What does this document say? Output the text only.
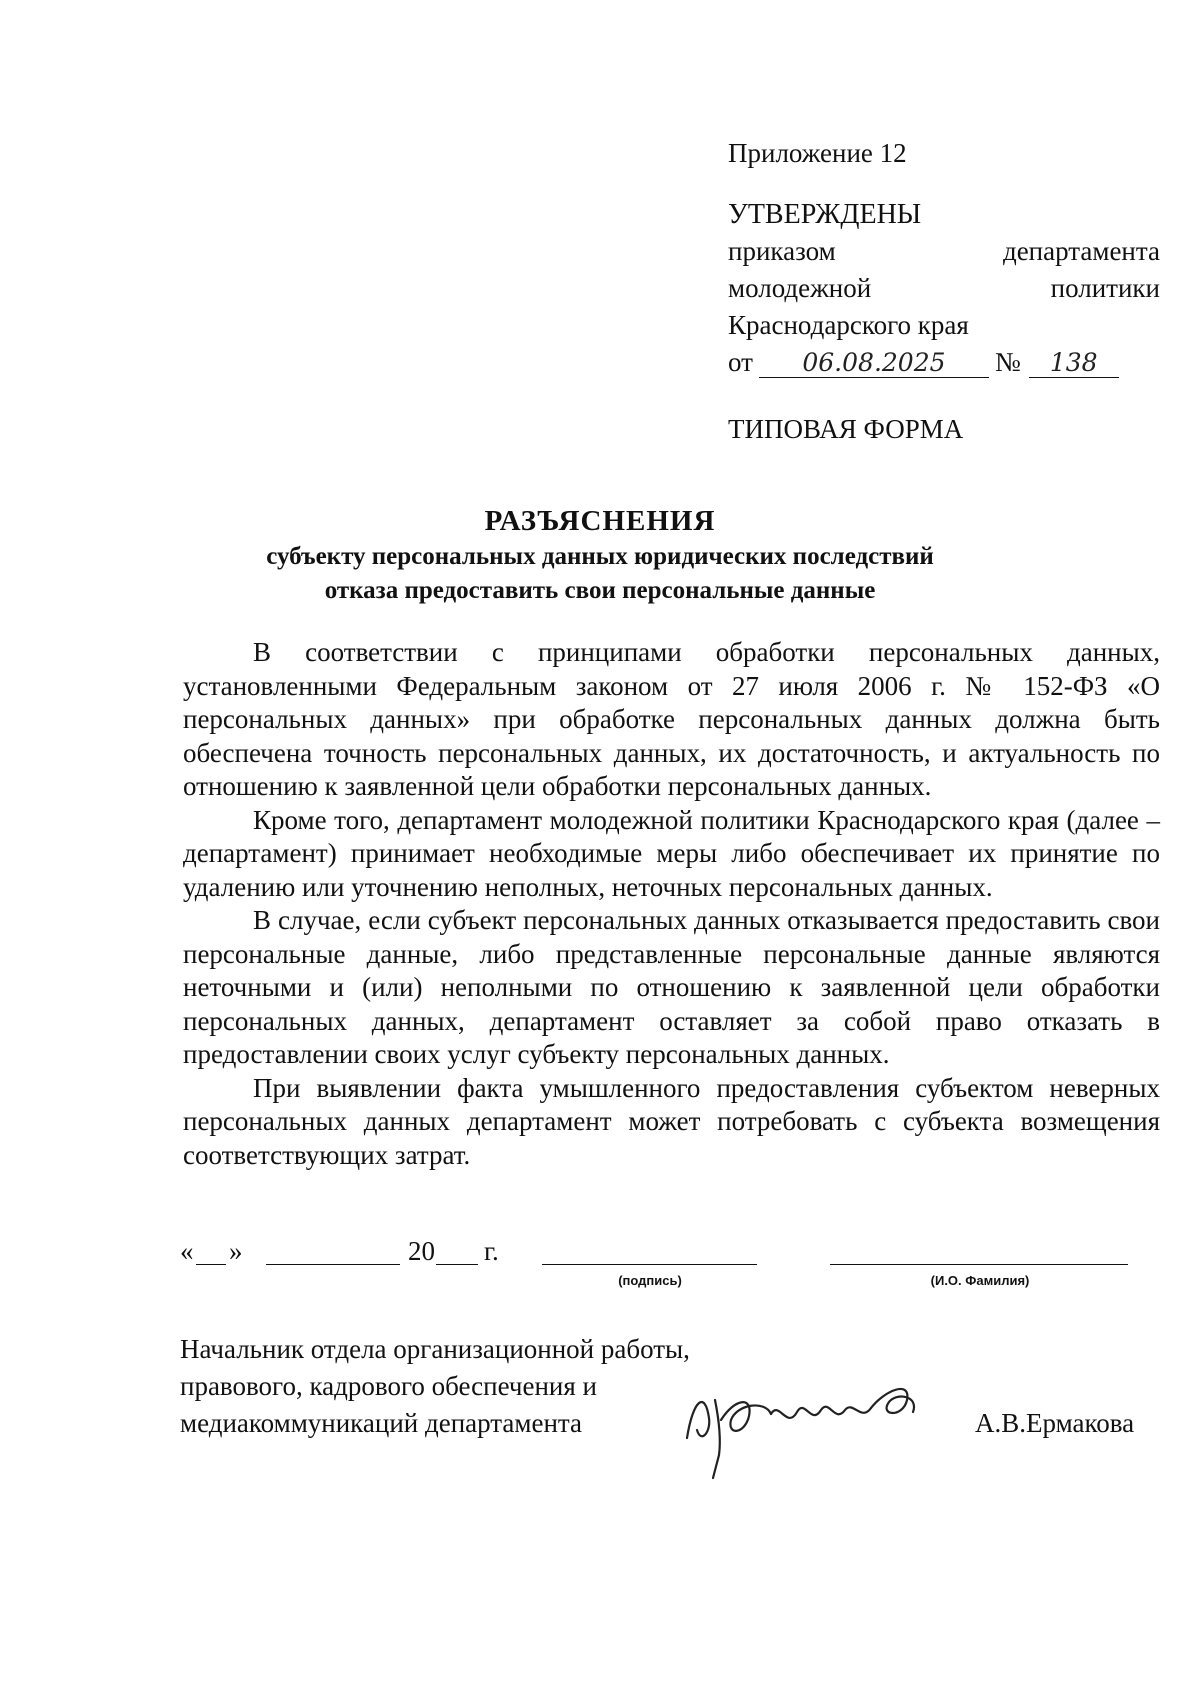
Приложение 12
УТВЕРЖДЕНЫ
приказом	департамента
молодежной	политики
Краснодарского края
от	06.08.2025	№	138
ТИПОВАЯ ФОРМА
РАЗЪЯСНЕНИЯ
субъекту персональных данных юридических последствий
отказа предоставить свои персональные данные

В соответствии с принципами обработки персональных данных, установленными Федеральным законом от 27 июля 2006 г. № 152-ФЗ «О персональных данных» при обработке персональных данных должна быть обеспечена точность персональных данных, их достаточность, и актуальность по отношению к заявленной цели обработки персональных данных.

Кроме того, департамент молодежной политики Краснодарского края (далее – департамент) принимает необходимые меры либо обеспечивает их принятие по удалению или уточнению неполных, неточных персональных данных.

В случае, если субъект персональных данных отказывается предоставить свои персональные данные, либо представленные персональные данные являются неточными и (или) неполными по отношению к заявленной цели обработки персональных данных, департамент оставляет за собой право отказать в предоставлении своих услуг субъекту персональных данных.

При выявлении факта умышленного предоставления субъектом неверных персональных данных департамент может потребовать с субъекта возмещения соответствующих затрат.

« »	20 г.
(подпись)	(И.О. Фамилия)
Начальник отдела организационной работы,
правового, кадрового обеспечения и
медиакоммуникаций департамента	А.В.Ермакова
